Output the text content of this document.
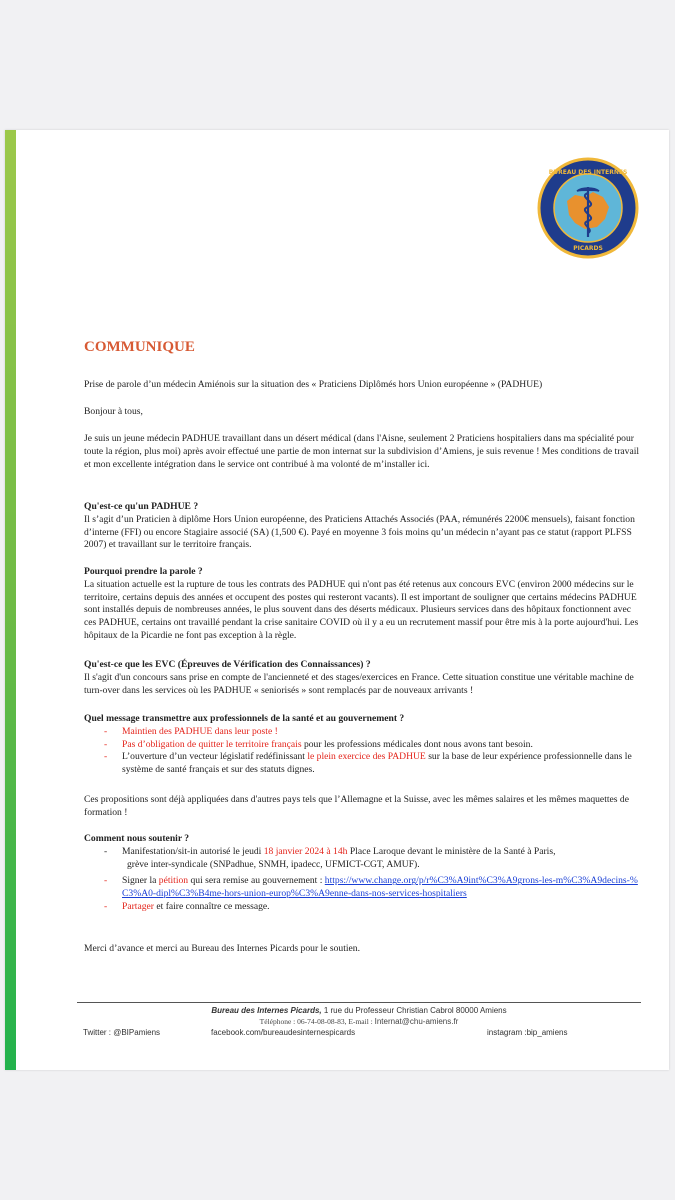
BUREAU DES INTERNES
PICARDS
COMMUNIQUE

Prise de parole d’un médecin Amiénois sur la situation des « Praticiens Diplômés hors Union européenne » (PADHUE)

Bonjour à tous,

Je suis un jeune médecin PADHUE travaillant dans un désert médical (dans l'Aisne, seulement 2 Praticiens hospitaliers dans ma spécialité pour toute la région, plus moi) après avoir effectué une partie de mon internat sur la subdivision d’Amiens, je suis revenue ! Mes conditions de travail et mon excellente intégration dans le service ont contribué à ma volonté de m’installer ici.

Qu'est-ce qu'un PADHUE ?
Il s’agit d’un Praticien à diplôme Hors Union européenne, des Praticiens Attachés Associés (PAA, rémunérés 2200€ mensuels), faisant fonction d’interne (FFI) ou encore Stagiaire associé (SA) (1,500 €). Payé en moyenne 3 fois moins qu’un médecin n’ayant pas ce statut (rapport PLFSS 2007) et travaillant sur le territoire français.
Pourquoi prendre la parole ?
La situation actuelle est la rupture de tous les contrats des PADHUE qui n'ont pas été retenus aux concours EVC (environ 2000 médecins sur le territoire, certains depuis des années et occupent des postes qui resteront vacants). Il est important de souligner que certains médecins PADHUE sont installés depuis de nombreuses années, le plus souvent dans des déserts médicaux. Plusieurs services dans des hôpitaux fonctionnent avec ces PADHUE, certains ont travaillé pendant la crise sanitaire COVID où il y a eu un recrutement massif pour être mis à la porte aujourd'hui. Les hôpitaux de la Picardie ne font pas exception à la règle.
Qu'est-ce que les EVC (Épreuves de Vérification des Connaissances) ?
Il s'agit d'un concours sans prise en compte de l'ancienneté et des stages/exercices en France. Cette situation constitue une véritable machine de turn-over dans les services où les PADHUE « seniorisés » sont remplacés par de nouveaux arrivants !
Quel message transmettre aux professionnels de la santé et au gouvernement ?
- Maintien des PADHUE dans leur poste !
- Pas d’obligation de quitter le territoire français pour les professions médicales dont nous avons tant besoin.
- L’ouverture d’un vecteur législatif redéfinissant le plein exercice des PADHUE sur la base de leur expérience professionnelle dans le système de santé français et sur des statuts dignes.

Ces propositions sont déjà appliquées dans d'autres pays tels que l’Allemagne et la Suisse, avec les mêmes salaires et les mêmes maquettes de formation !

Comment nous soutenir ?
- Manifestation/sit-in autorisé le jeudi 18 janvier 2024 à 14h Place Laroque devant le ministère de la Santé à Paris,
grève inter-syndicale (SNPadhue, SNMH, ipadecc, UFMICT-CGT, AMUF).
- Signer la pétition qui sera remise au gouvernement : https://www.change.org/p/r%C3%A9int%C3%A9grons-les-m%C3%A9decins-%C3%A0-dipl%C3%B4me-hors-union-europ%C3%A9enne-dans-nos-services-hospitaliers
- Partager et faire connaître ce message.

Merci d’avance et merci au Bureau des Internes Picards pour le soutien.

Bureau des Internes Picards, 1 rue du Professeur Christian Cabrol 80000 Amiens
Téléphone : 06-74-08-08-83, E-mail : Internat@chu-amiens.fr
Twitter : @BIPamiens	facebook.com/bureaudesinternespicards	instagram :bip_amiens
